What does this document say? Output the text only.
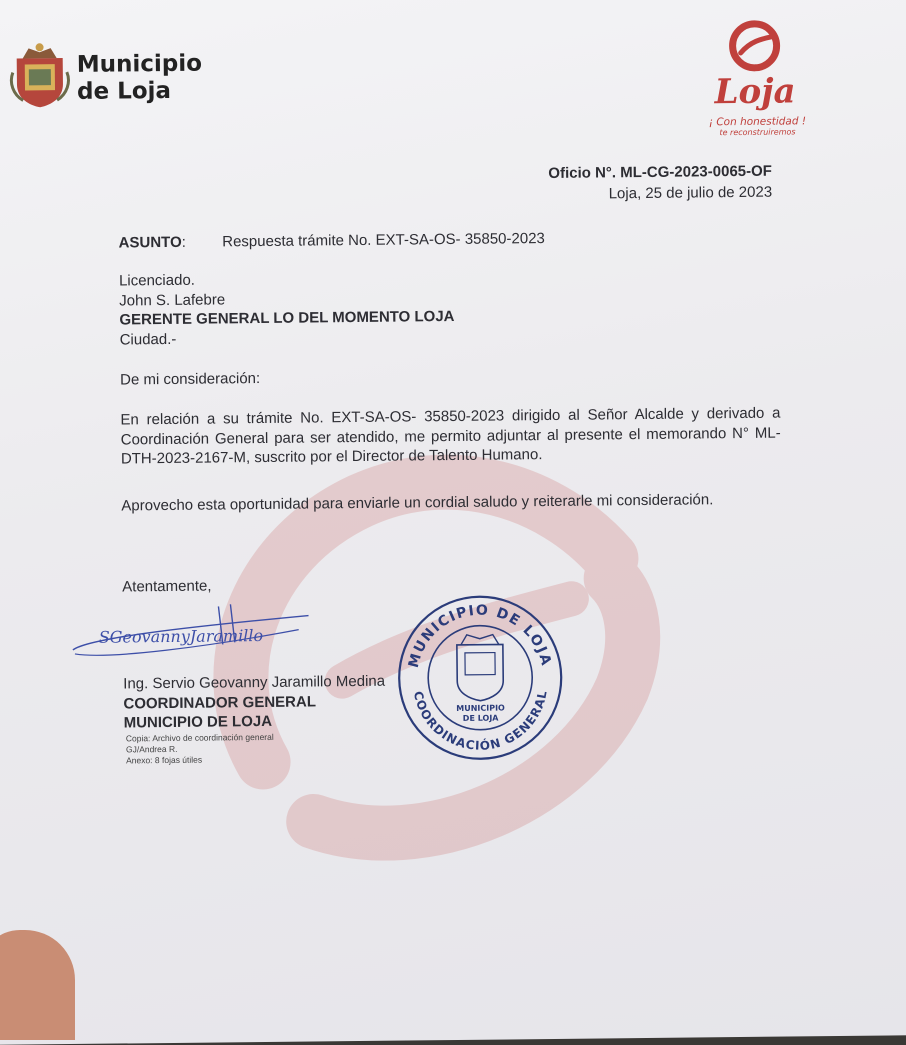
Municipio
de Loja	Loja
¡ Con honestidad !
te reconstruiremos
Oficio N°. ML-CG-2023-0065-OF
Loja, 25 de julio de 2023
ASUNTO: Respuesta trámite No. EXT-SA-OS- 35850-2023
Licenciado.
John S. Lafebre
GERENTE GENERAL LO DEL MOMENTO LOJA
Ciudad.-
De mi consideración:
En relación a su trámite No. EXT-SA-OS- 35850-2023 dirigido al Señor Alcalde y derivado a Coordinación General para ser atendido, me permito adjuntar al presente el memorando N° ML-DTH-2023-2167-M, suscrito por el Director de Talento Humano.
Aprovecho esta oportunidad para enviarle un cordial saludo y reiterarle mi consideración.
Atentamente,
SGeovannyJaramillo
Ing. Servio Geovanny Jaramillo Medina
COORDINADOR GENERAL
MUNICIPIO DE LOJA
Copia: Archivo de coordinación general
GJ/Andrea R.
Anexo: 8 fojas útiles
MUNICIPIO DE LOJA
COORDINACIÓN GENERAL
MUNICIPIO
DE LOJA
